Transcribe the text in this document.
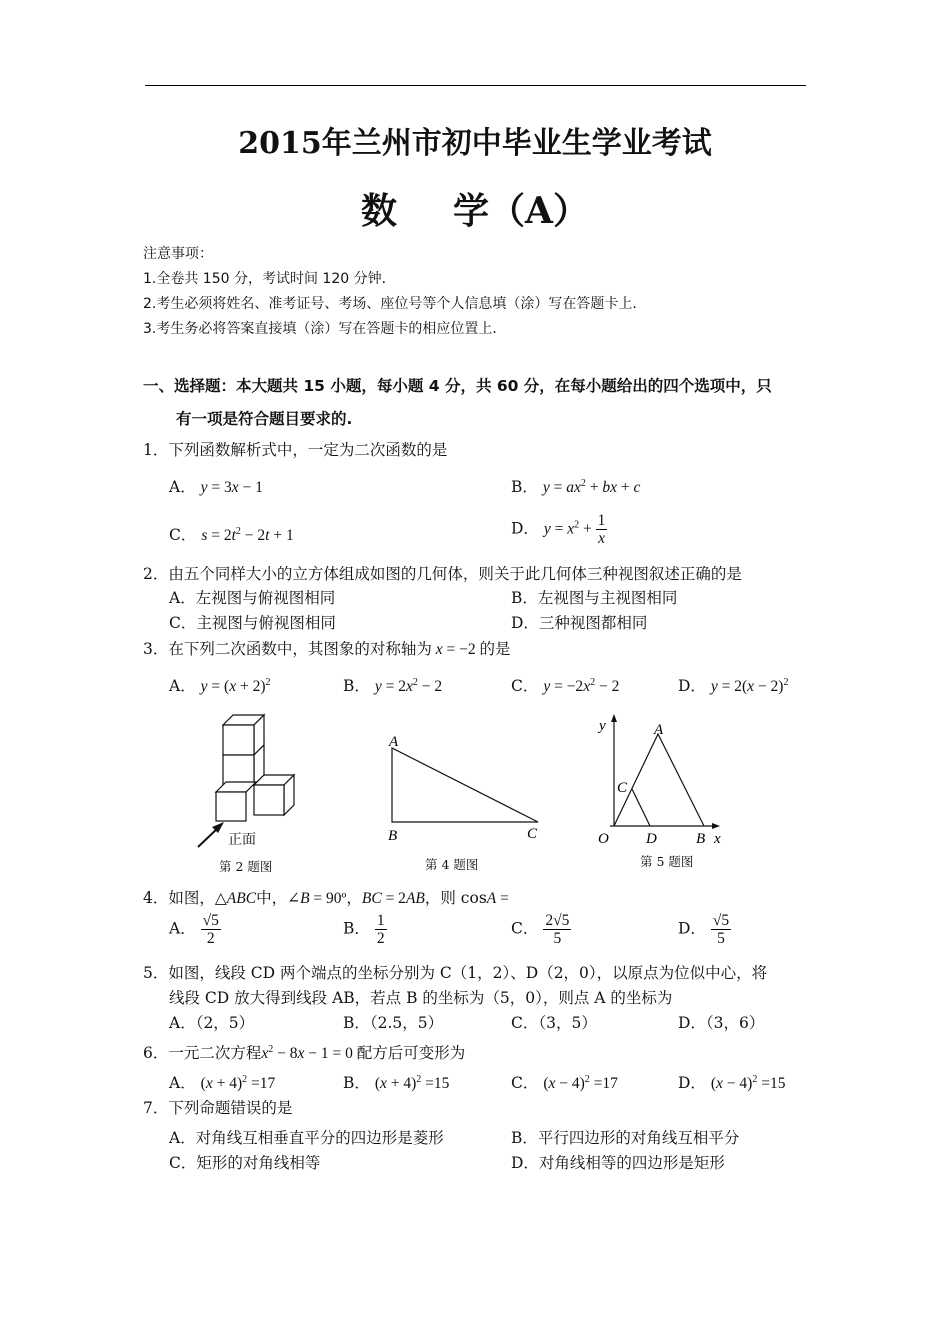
2015年兰州市初中毕业生学业考试
数 学（A）
注意事项：
1.全卷共 150 分，考试时间 120 分钟．
2.考生必须将姓名、准考证号、考场、座位号等个人信息填（涂）写在答题卡上．
3.考生务必将答案直接填（涂）写在答题卡的相应位置上．
一、选择题：本大题共 15 小题，每小题 4 分，共 60 分，在每小题给出的四个选项中，只
有一项是符合题目要求的.
1．下列函数解析式中，一定为二次函数的是
A． y = 3x − 1	B． $y = ax^2$ + bx + c
C． $s = 2t^2 - 2t + 1$	D． $y = x^2 + \frac{1}{x}$
2．由五个同样大小的立方体组成如图的几何体，则关于此几何体三种视图叙述正确的是
A．左视图与俯视图相同	B．左视图与主视图相同
C．主视图与俯视图相同	D．三种视图都相同
3．在下列二次函数中，其图象的对称轴为 x = −2 的是
A． $y = (x + 2)^2$	B． $y = 2x^2 - 2$	C． $y = -2x^2 - 2$	D． $y = 2(x - 2)^2$
正面
第 2 题图
A
B	C
第 4 题图
y	A
C
O D	B x
第 5 题图
4．如图，△ABC中，∠B = 90º，BC = 2AB，则 cosA =
A． $\frac{√5}{2}$	B． $\frac{1}{2}$	C． $\frac{2√5}{5}$	D． $\frac{√5}{5}$
5．如图，线段 CD 两个端点的坐标分别为 C（1，2）、D（2，0），以原点为位似中心，将
线段 CD 放大得到线段 AB，若点 B 的坐标为（5，0），则点 A 的坐标为
A．（2，5）	B．（2.5，5）	C．（3，5）	D．（3，6）
6．一元二次方程$x^2 - 8x - 1 = 0$ 配方后可变形为
A． $(x + 4)^2 =17$	B． $(x + 4)^2 =15$	C． $(x - 4)^2 =17$	D． $(x - 4)^2 =15$
7．下列命题错误的是
A．对角线互相垂直平分的四边形是菱形	B．平行四边形的对角线互相平分
C．矩形的对角线相等	D．对角线相等的四边形是矩形
